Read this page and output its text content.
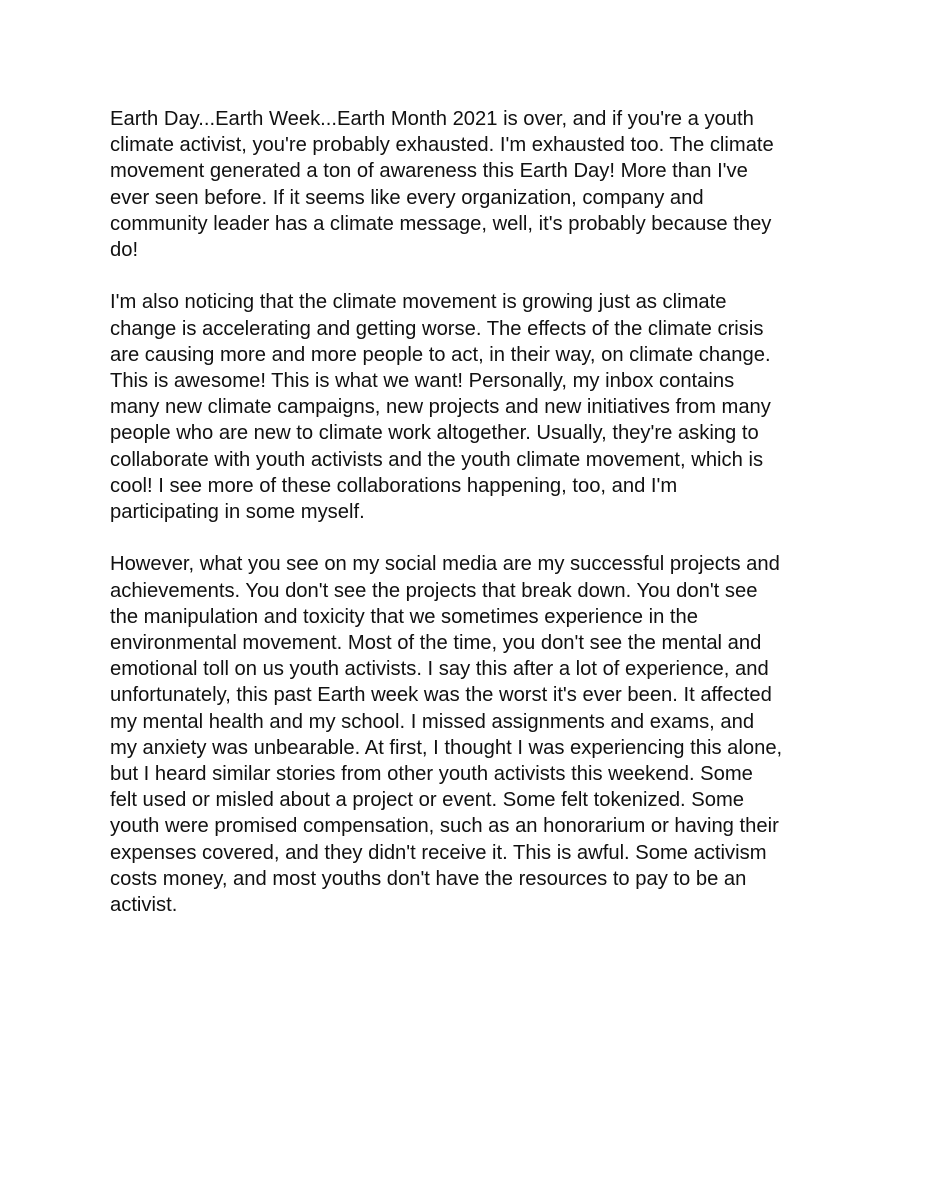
Earth Day...Earth Week...Earth Month 2021 is over, and if you're a youth
climate activist, you're probably exhausted. I'm exhausted too. The climate
movement generated a ton of awareness this Earth Day! More than I've
ever seen before. If it seems like every organization, company and
community leader has a climate message, well, it's probably because they
do!

I'm also noticing that the climate movement is growing just as climate
change is accelerating and getting worse. The effects of the climate crisis
are causing more and more people to act, in their way, on climate change.
This is awesome! This is what we want! Personally, my inbox contains
many new climate campaigns, new projects and new initiatives from many
people who are new to climate work altogether. Usually, they're asking to
collaborate with youth activists and the youth climate movement, which is
cool! I see more of these collaborations happening, too, and I'm
participating in some myself.

However, what you see on my social media are my successful projects and
achievements. You don't see the projects that break down. You don't see
the manipulation and toxicity that we sometimes experience in the
environmental movement. Most of the time, you don't see the mental and
emotional toll on us youth activists. I say this after a lot of experience, and
unfortunately, this past Earth week was the worst it's ever been. It affected
my mental health and my school. I missed assignments and exams, and
my anxiety was unbearable. At first, I thought I was experiencing this alone,
but I heard similar stories from other youth activists this weekend. Some
felt used or misled about a project or event. Some felt tokenized. Some
youth were promised compensation, such as an honorarium or having their
expenses covered, and they didn't receive it. This is awful. Some activism
costs money, and most youths don't have the resources to pay to be an
activist.
